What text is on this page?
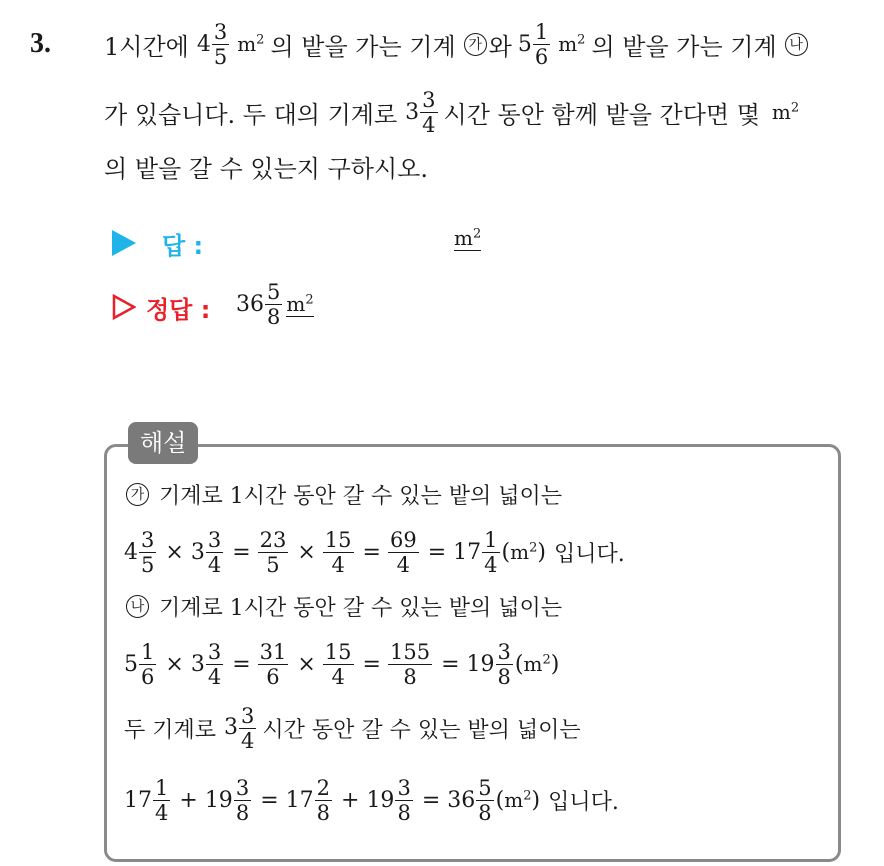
3. 1시간에 $4 \frac{3}{5} m^2$ 의 밭을 가는 기계 가 와 $5 \frac{1}{6} m^2$ 의 밭을 가는 기계 나
가 있습니다. 두 대의 기계로 $3 \frac{3}{4}$ 시간 동안 함께 밭을 간다면 몇 $m^2$
의 밭을 갈 수 있는지 구하시오.
답 :	$m^2$
정답 : $36 \frac{5}{8} m^2$
해설
가 기계로 1시간 동안 갈 수 있는 밭의 넓이는
$4 \frac{3}{5} \times 3 \frac{3}{4} = \frac{23}{5} \times \frac{15}{4} = \frac{69}{4} = 17 \frac{1}{4}$ ( $m^2$ ) 입니다.
나 기계로 1시간 동안 갈 수 있는 밭의 넓이는
$5 \frac{1}{6} \times 3 \frac{3}{4} = \frac{31}{6} \times \frac{15}{4} = \frac{155}{8} = 19 \frac{3}{8}$ ( $m^2$ )
두 기계로 $3 \frac{3}{4}$ 시간 동안 갈 수 있는 밭의 넓이는
$17 \frac{1}{4} + 19 \frac{3}{8} = 17 \frac{2}{8} + 19 \frac{3}{8} = 36 \frac{5}{8}$ ( $m^2$ ) 입니다.
